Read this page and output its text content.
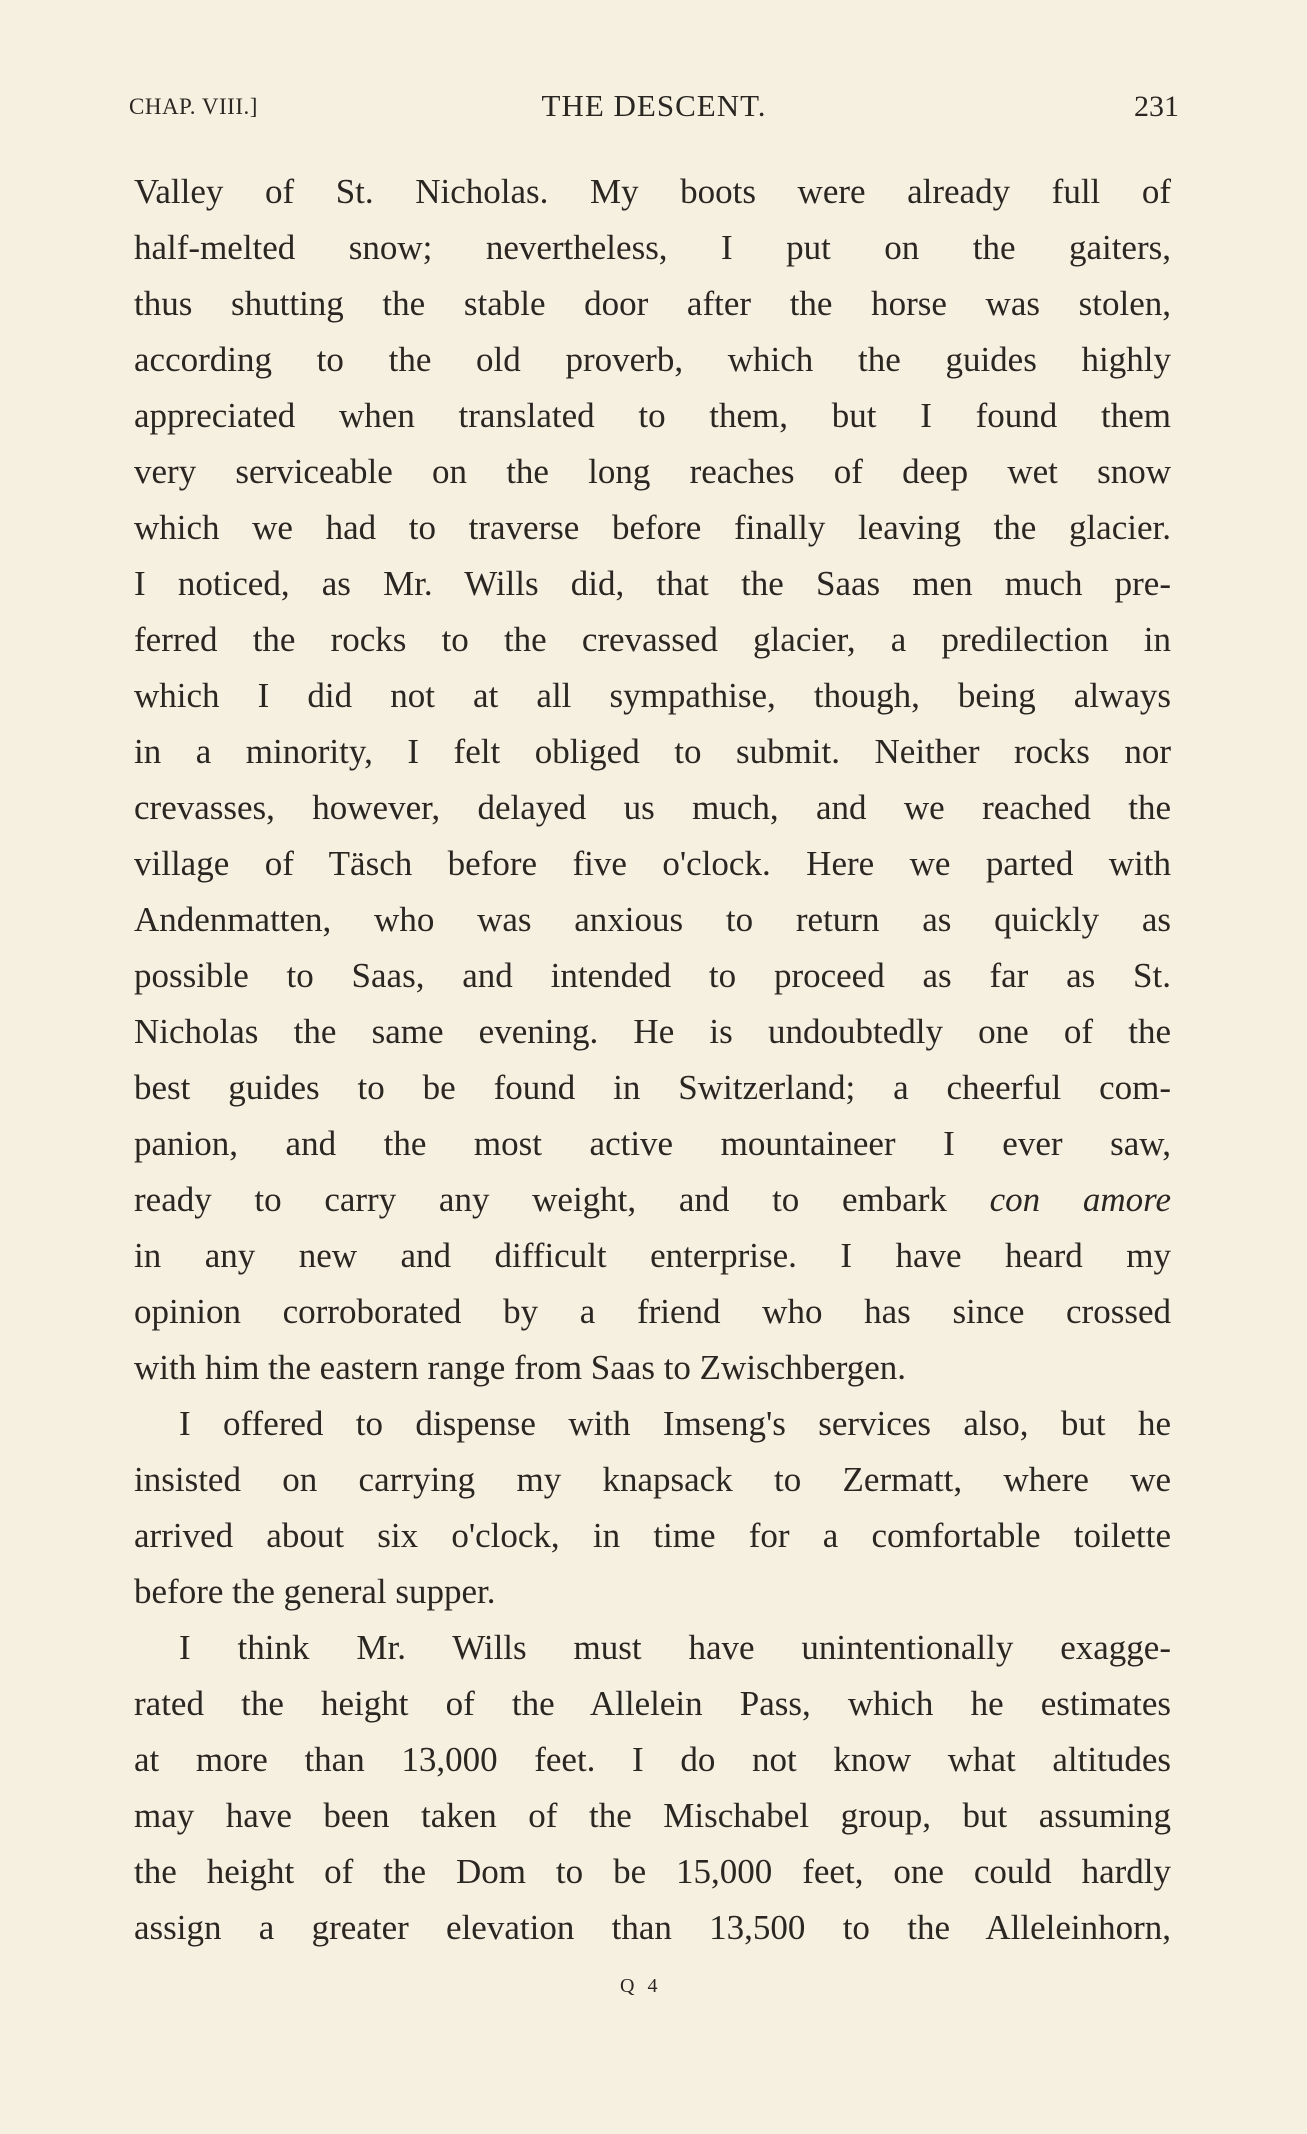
CHAP. VIII.]	THE DESCENT.	231
Valley of St. Nicholas. My boots were already full of
half-melted snow; nevertheless, I put on the gaiters,
thus shutting the stable door after the horse was stolen,
according to the old proverb, which the guides highly
appreciated when translated to them, but I found them
very serviceable on the long reaches of deep wet snow
which we had to traverse before finally leaving the glacier.
I noticed, as Mr. Wills did, that the Saas men much pre-
ferred the rocks to the crevassed glacier, a predilection in
which I did not at all sympathise, though, being always
in a minority, I felt obliged to submit. Neither rocks nor
crevasses, however, delayed us much, and we reached the
village of Täsch before five o'clock. Here we parted with
Andenmatten, who was anxious to return as quickly as
possible to Saas, and intended to proceed as far as St.
Nicholas the same evening. He is undoubtedly one of the
best guides to be found in Switzerland; a cheerful com-
panion, and the most active mountaineer I ever saw,
ready to carry any weight, and to embark con amore
in any new and difficult enterprise. I have heard my
opinion corroborated by a friend who has since crossed
with him the eastern range from Saas to Zwischbergen.
I offered to dispense with Imseng's services also, but he
insisted on carrying my knapsack to Zermatt, where we
arrived about six o'clock, in time for a comfortable toilette
before the general supper.
I think Mr. Wills must have unintentionally exagge-
rated the height of the Allelein Pass, which he estimates
at more than 13,000 feet. I do not know what altitudes
may have been taken of the Mischabel group, but assuming
the height of the Dom to be 15,000 feet, one could hardly
assign a greater elevation than 13,500 to the Alleleinhorn,
Q 4
